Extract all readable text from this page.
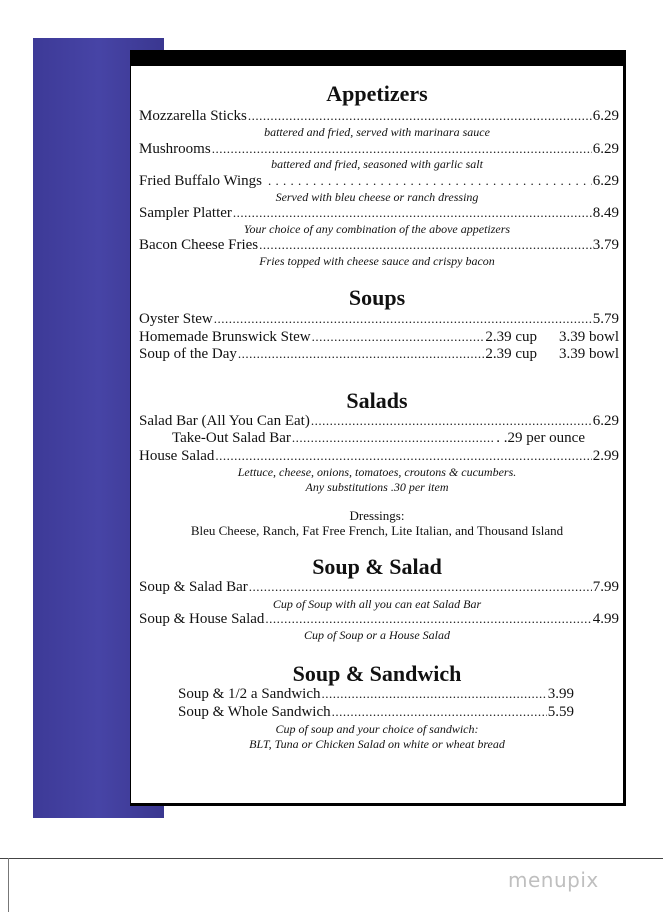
Appetizers
Mozzarella Sticks .....	6.29
battered and fried, served with marinara sauce
Mushrooms .....	6.29
battered and fried, seasoned with garlic salt
Fried Buffalo Wings . . .	6.29
Served with bleu cheese or ranch dressing
Sampler Platter .....	8.49
Your choice of any combination of the above appetizers
Bacon Cheese Fries .....	3.79
Fries topped with cheese sauce and crispy bacon
Soups
Oyster Stew .....	5.79
Homemade Brunswick Stew .....	2.39 cup 3.39 bowl
Soup of the Day .....	2.39 cup 3.39 bowl
Salads
Salad Bar (All You Can Eat) .....	6.29
Take-Out Salad Bar .....	. .29 per ounce
House Salad .....	2.99
Lettuce, cheese, onions, tomatoes, croutons & cucumbers.
Any substitutions .30 per item
Dressings:
Bleu Cheese, Ranch, Fat Free French, Lite Italian, and Thousand Island
Soup & Salad
Soup & Salad Bar .....	7.99
Cup of Soup with all you can eat Salad Bar
Soup & House Salad .....	4.99
Cup of Soup or a House Salad
Soup & Sandwich
Soup & 1/2 a Sandwich .....	3.99
Soup & Whole Sandwich .....	5.59
Cup of soup and your choice of sandwich:
BLT, Tuna or Chicken Salad on white or wheat bread
menupix
